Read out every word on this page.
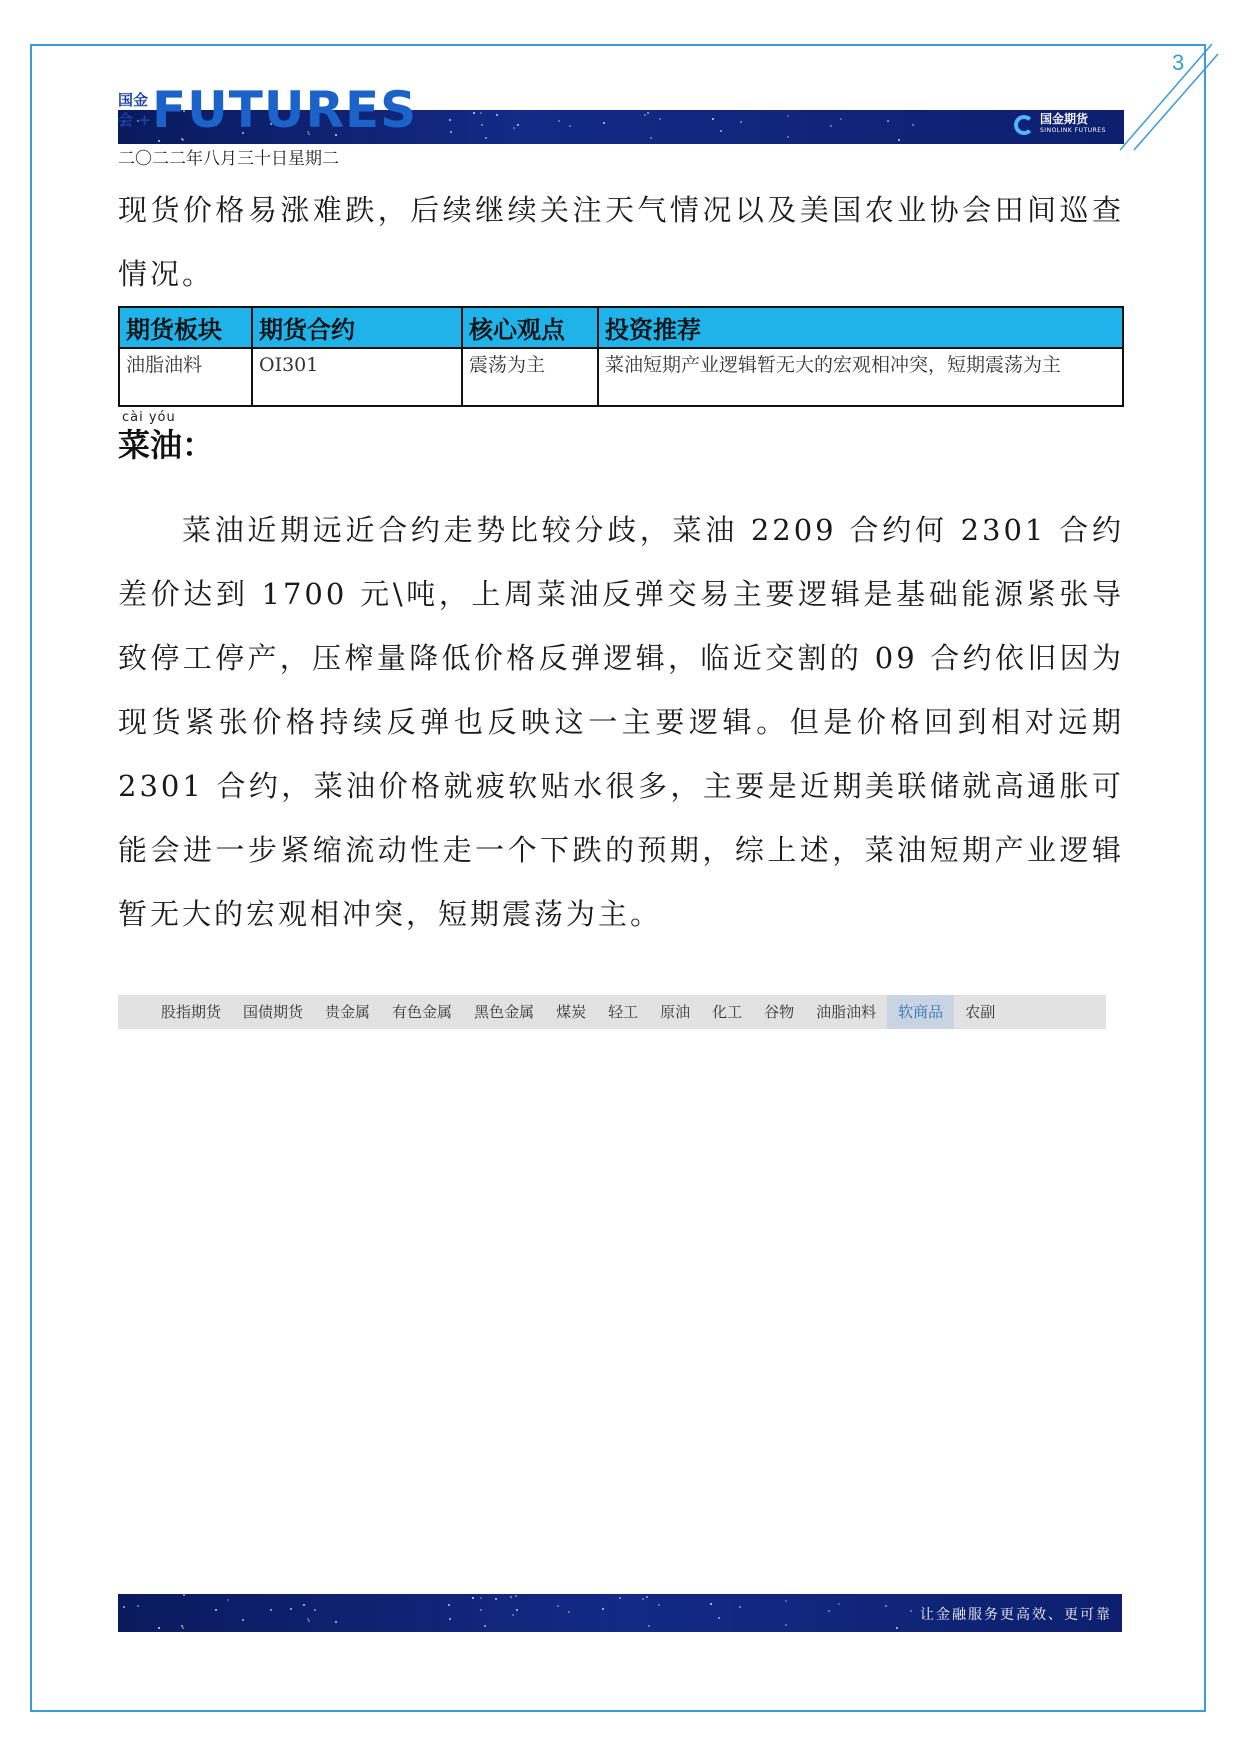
3
国金
会 + FUTURES	国金期货
SINOLINK FUTURES
二〇二二年八月三十日星期二

现货价格易涨难跌，后续继续关注天气情况以及美国农业协会田间巡查情况。

期货板块	期货合约	核心观点	投资推荐
油脂油料	OI301	震荡为主	菜油短期产业逻辑暂无大的宏观相冲突，短期震荡为主
cài yóu
菜油：

菜油近期远近合约走势比较分歧，菜油 2209 合约何 2301 合约差价达到 1700 元\吨，上周菜油反弹交易主要逻辑是基础能源紧张导致停工停产，压榨量降低价格反弹逻辑，临近交割的 09 合约依旧因为现货紧张价格持续反弹也反映这一主要逻辑。但是价格回到相对远期 2301 合约，菜油价格就疲软贴水很多，主要是近期美联储就高通胀可能会进一步紧缩流动性走一个下跌的预期，综上述，菜油短期产业逻辑暂无大的宏观相冲突，短期震荡为主。

股指期货	国债期货	贵金属	有色金属	黑色金属	煤炭	轻工	原油	化工	谷物	油脂油料	软商品	农副
让金融服务更高效、更可靠
